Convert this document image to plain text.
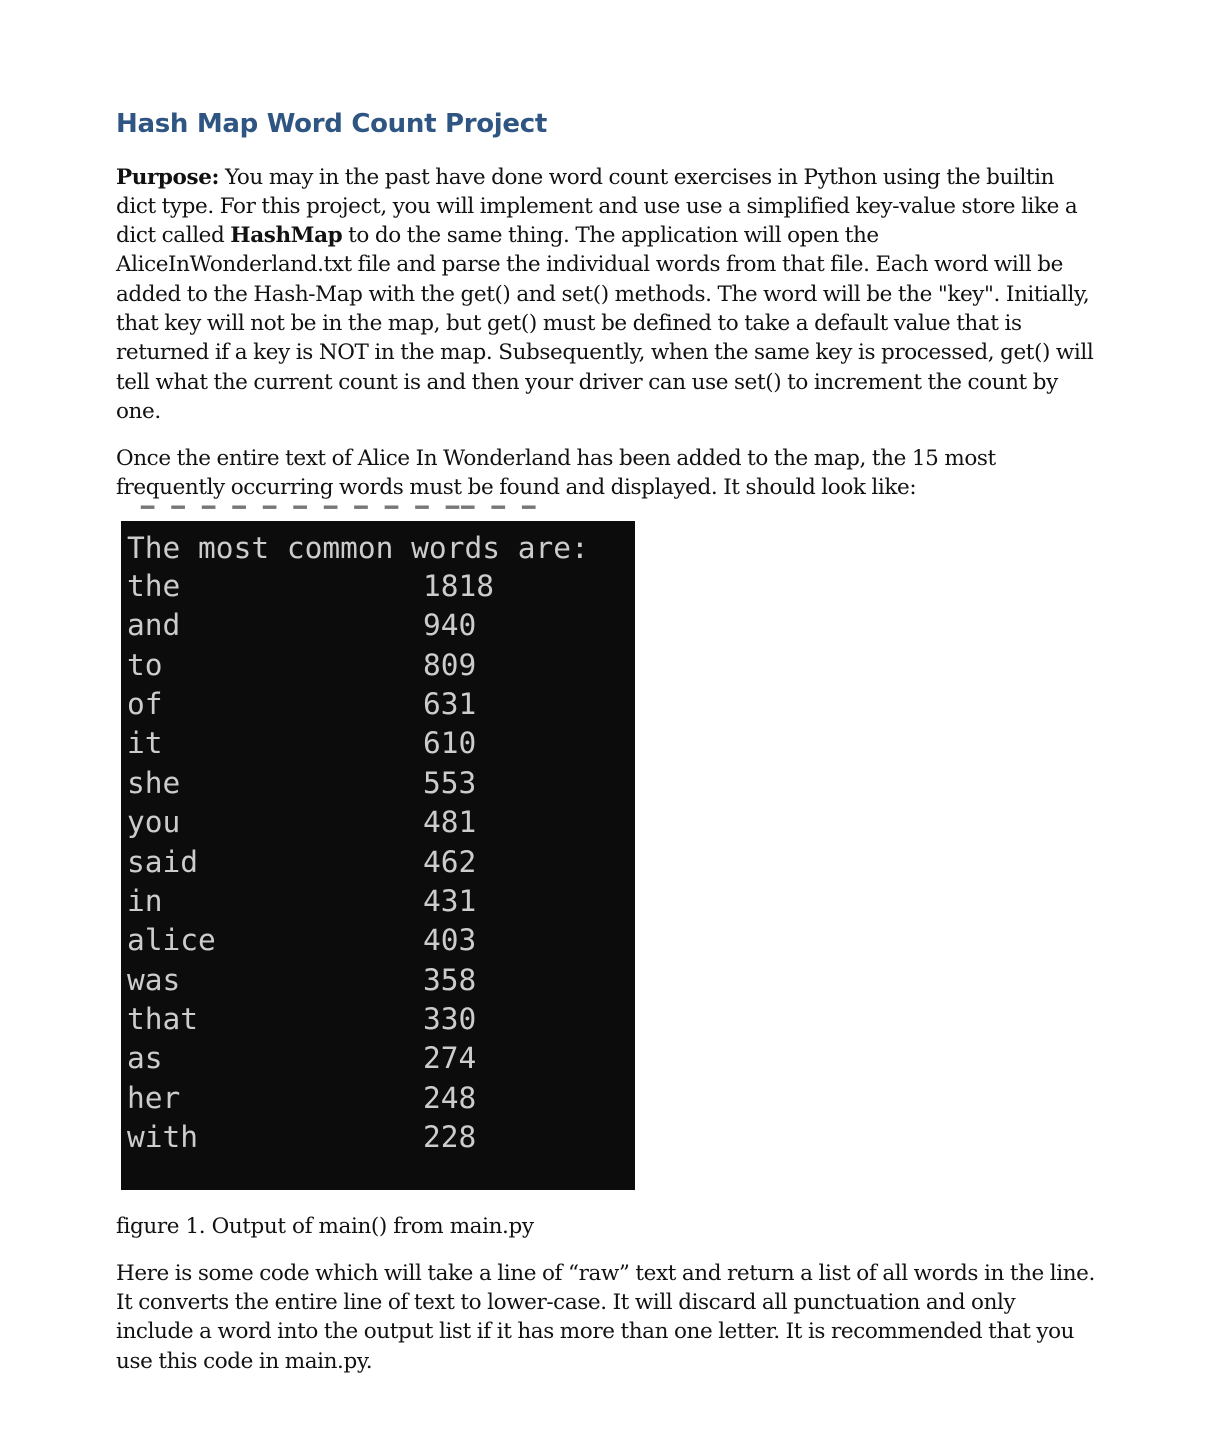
Hash Map Word Count Project

Purpose: You may in the past have done word count exercises in Python using the builtin dict type. For this project, you will implement and use use a simplified key-value store like a dict called HashMap to do the same thing. The application will open the AliceInWonderland.txt file and parse the individual words from that file. Each word will be added to the Hash-Map with the get() and set() methods. The word will be the "key". Initially, that key will not be in the map, but get() must be defined to take a default value that is returned if a key is NOT in the map. Subsequently, when the same key is processed, get() will tell what the current count is and then your driver can use set() to increment the count by one.

Once the entire text of Alice In Wonderland has been added to the map, the 15 most frequently occurring words must be found and displayed. It should look like:

▔ ▔ ▔ ▔ ▔ ▔ ▔ ▔ ▔ ▔ ▔▔ ▔ ▔
The most common words are:
the	1818
and	940
to	809
of	631
it	610
she	553
you	481
said	462
in	431
alice	403
was	358
that	330
as	274
her	248
with	228

figure 1. Output of main() from main.py

Here is some code which will take a line of “raw” text and return a list of all words in the line. It converts the entire line of text to lower-case. It will discard all punctuation and only include a word into the output list if it has more than one letter. It is recommended that you use this code in main.py.
